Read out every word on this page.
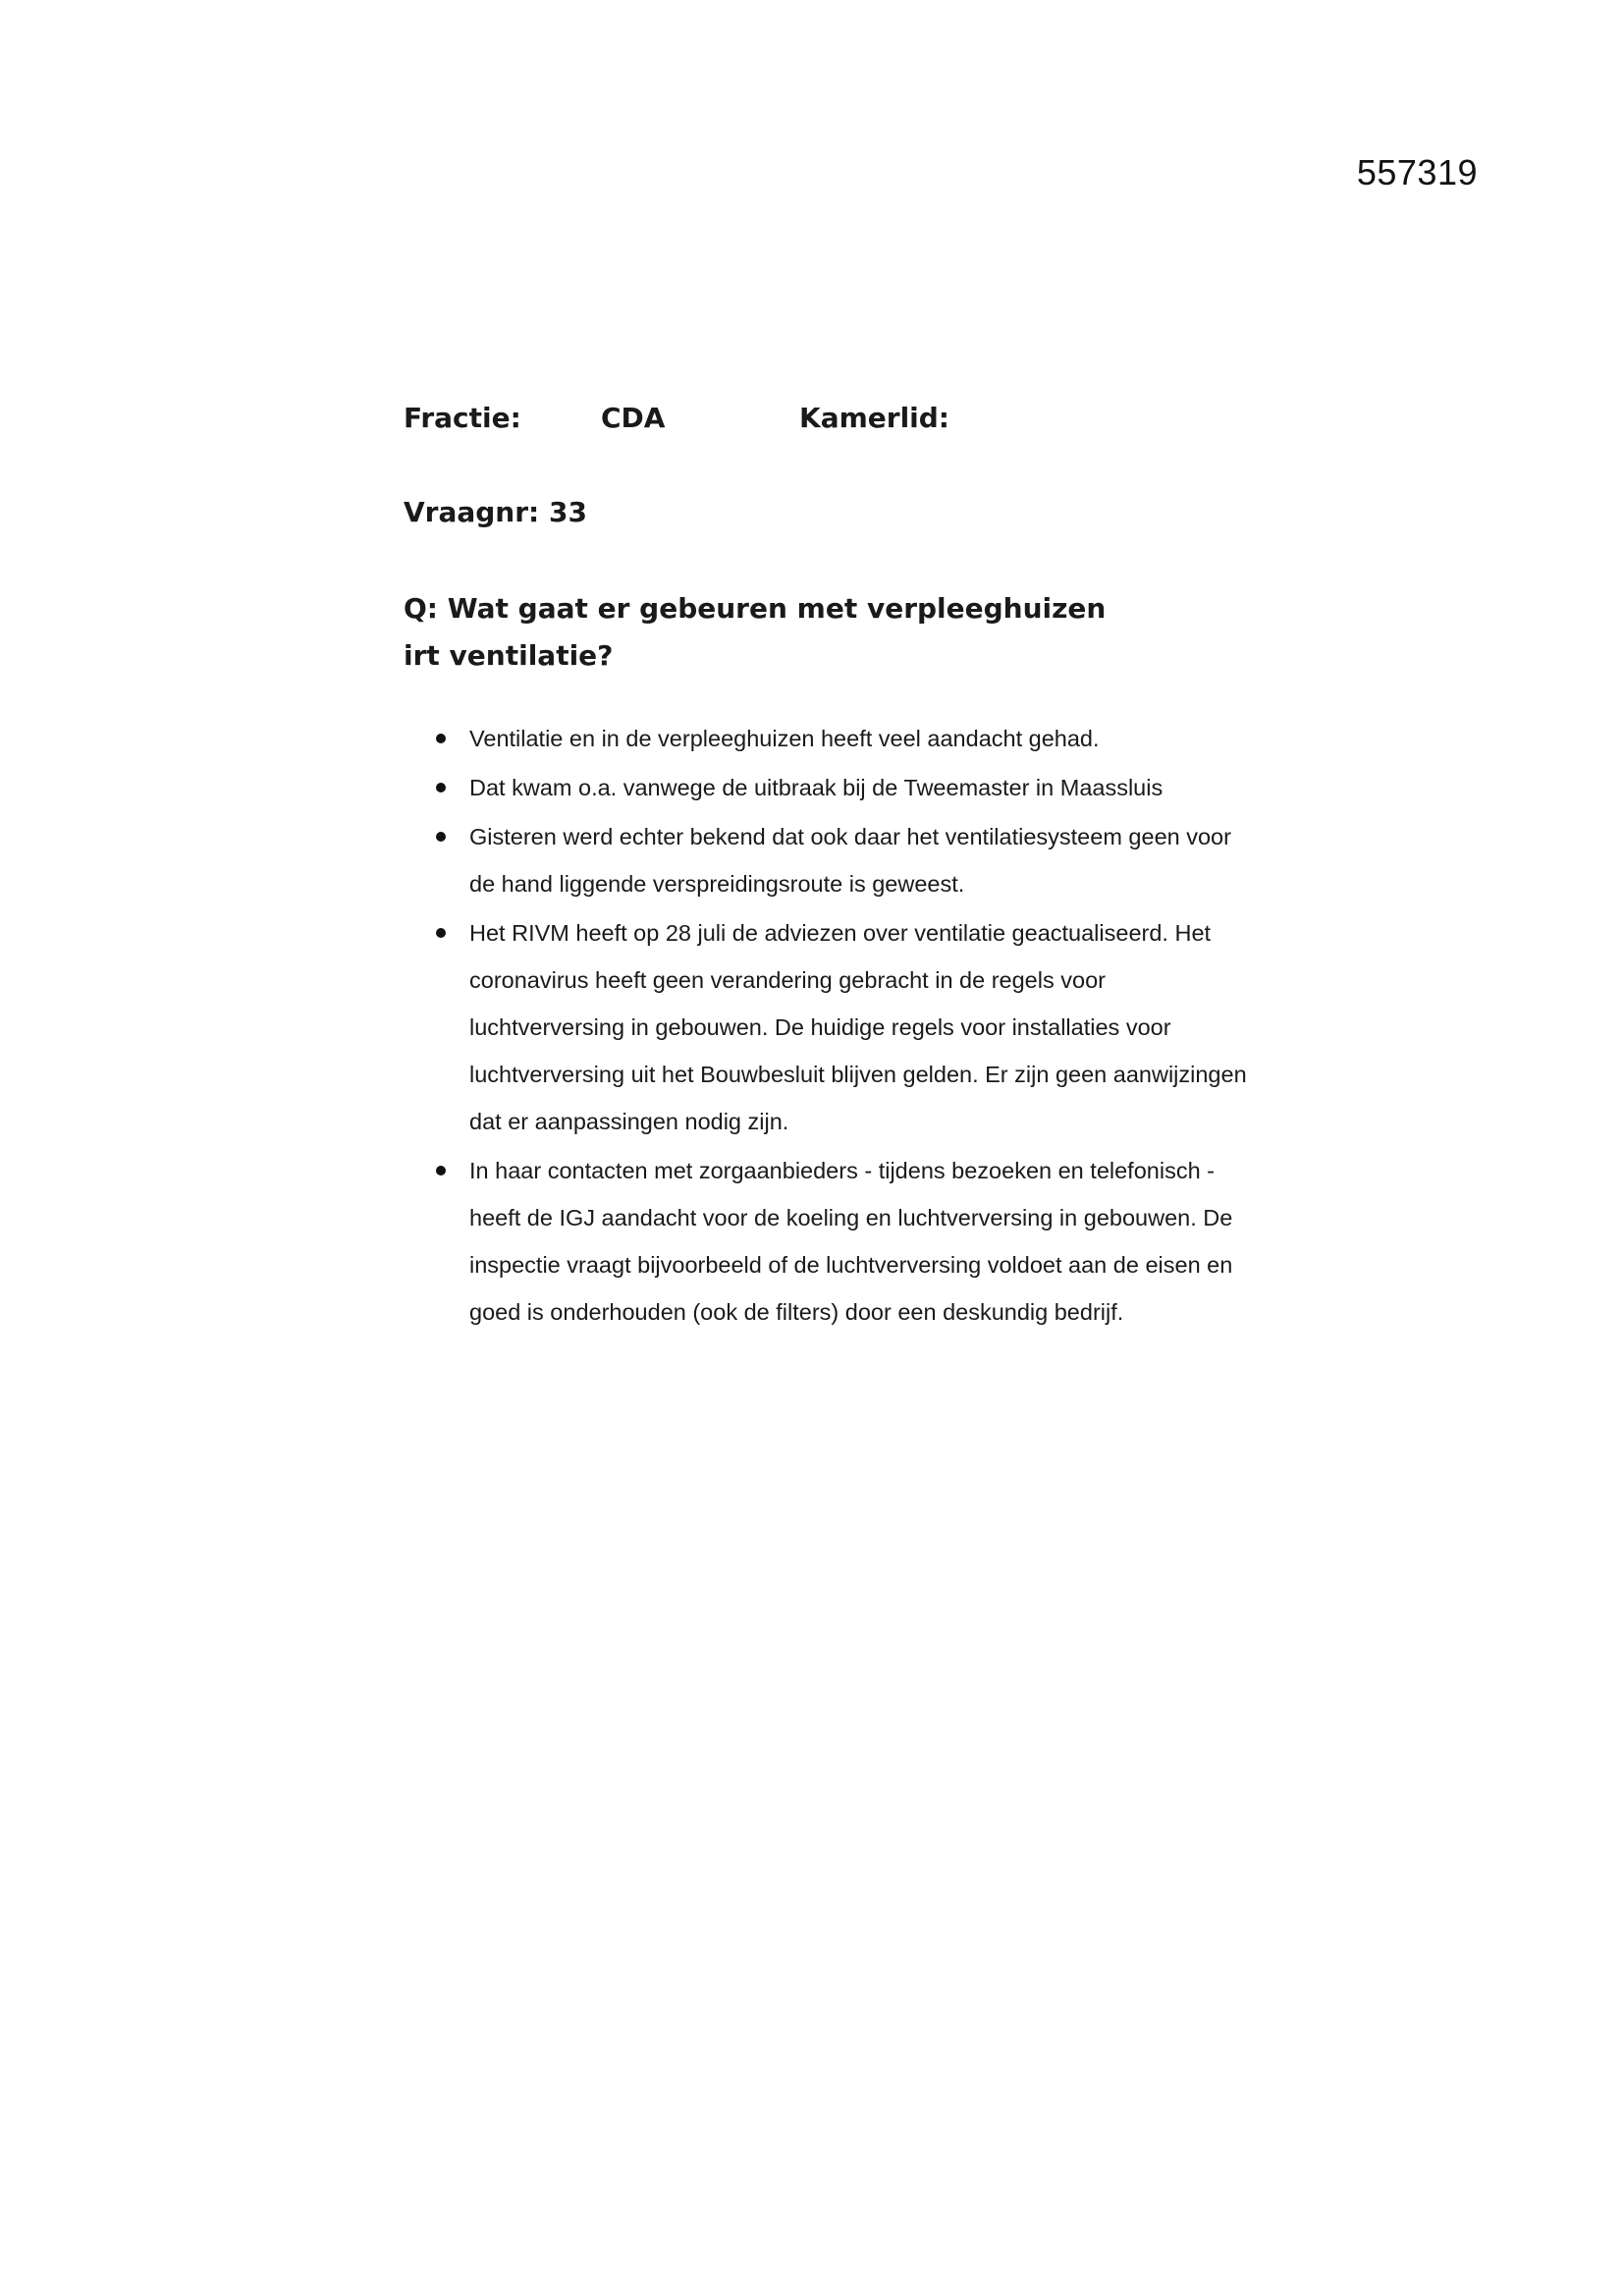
557319
Fractie:	CDA	Kamerlid:
Vraagnr: 33

Q: Wat gaat er gebeuren met verpleeghuizen irt ventilatie?

Ventilatie en in de verpleeghuizen heeft veel aandacht gehad.
Dat kwam o.a. vanwege de uitbraak bij de Tweemaster in Maassluis
Gisteren werd echter bekend dat ook daar het ventilatiesysteem geen voor de hand liggende verspreidingsroute is geweest.
Het RIVM heeft op 28 juli de adviezen over ventilatie geactualiseerd. Het coronavirus heeft geen verandering gebracht in de regels voor luchtverversing in gebouwen. De huidige regels voor installaties voor luchtverversing uit het Bouwbesluit blijven gelden. Er zijn geen aanwijzingen dat er aanpassingen nodig zijn.
In haar contacten met zorgaanbieders - tijdens bezoeken en telefonisch - heeft de IGJ aandacht voor de koeling en luchtverversing in gebouwen. De inspectie vraagt bijvoorbeeld of de luchtverversing voldoet aan de eisen en goed is onderhouden (ook de filters) door een deskundig bedrijf.
